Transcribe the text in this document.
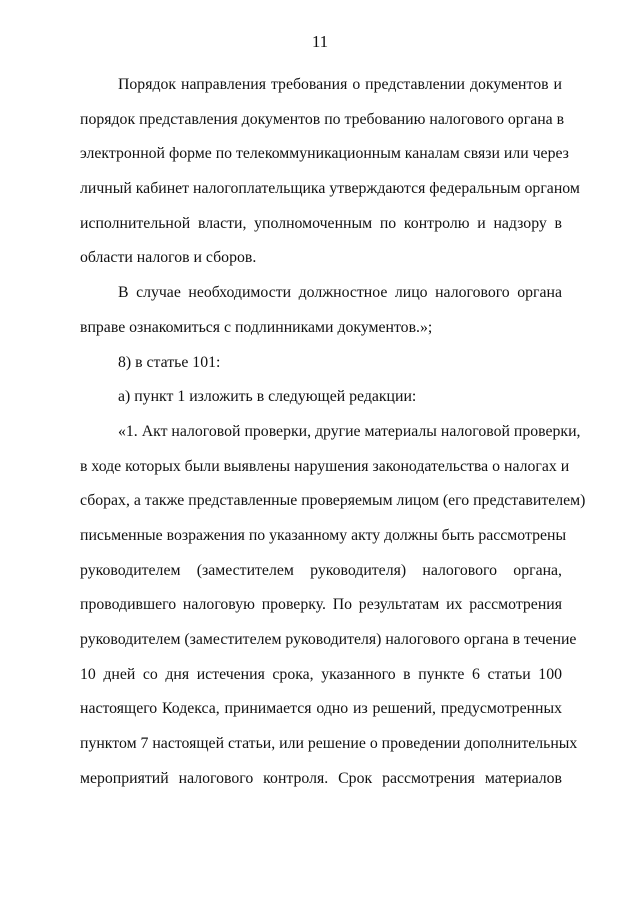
11
Порядок направления требования о представлении документов и
порядок представления документов по требованию налогового органа в
электронной форме по телекоммуникационным каналам связи или через
личный кабинет налогоплательщика утверждаются федеральным органом
исполнительной власти, уполномоченным по контролю и надзору в
области налогов и сборов.
В случае необходимости должностное лицо налогового органа
вправе ознакомиться с подлинниками документов.»;
8) в статье 101:
а) пункт 1 изложить в следующей редакции:
«1. Акт налоговой проверки, другие материалы налоговой проверки,
в ходе которых были выявлены нарушения законодательства о налогах и
сборах, а также представленные проверяемым лицом (его представителем)
письменные возражения по указанному акту должны быть рассмотрены
руководителем (заместителем руководителя) налогового органа,
проводившего налоговую проверку. По результатам их рассмотрения
руководителем (заместителем руководителя) налогового органа в течение
10 дней со дня истечения срока, указанного в пункте 6 статьи 100
настоящего Кодекса, принимается одно из решений, предусмотренных
пунктом 7 настоящей статьи, или решение о проведении дополнительных
мероприятий налогового контроля. Срок рассмотрения материалов
